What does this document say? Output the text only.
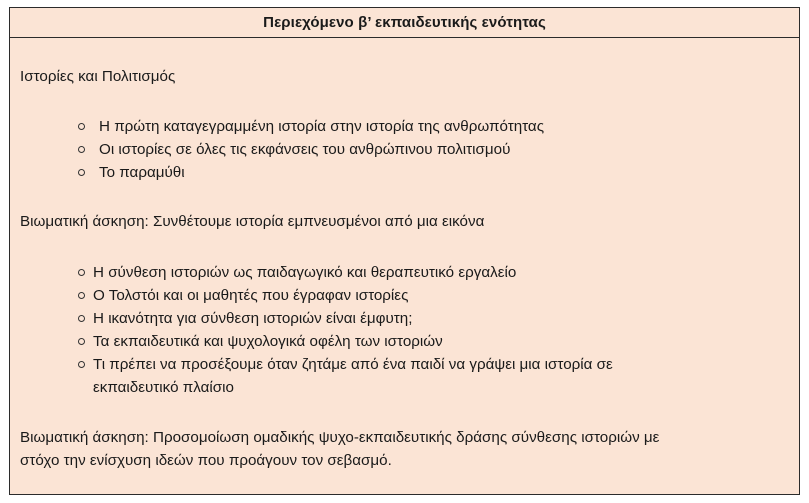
Περιεχόμενο β’ εκπαιδευτικής ενότητας

Ιστορίες και Πολιτισμός

Η πρώτη καταγεγραμμένη ιστορία στην ιστορία της ανθρωπότητας
Οι ιστορίες σε όλες τις εκφάνσεις του ανθρώπινου πολιτισμού
Το παραμύθι

Βιωματική άσκηση: Συνθέτουμε ιστορία εμπνευσμένοι από μια εικόνα

Η σύνθεση ιστοριών ως παιδαγωγικό και θεραπευτικό εργαλείο
Ο Τολστόι και οι μαθητές που έγραφαν ιστορίες
Η ικανότητα για σύνθεση ιστοριών είναι έμφυτη;
Τα εκπαιδευτικά και ψυχολογικά οφέλη των ιστοριών
Τι πρέπει να προσέξουμε όταν ζητάμε από ένα παιδί να γράψει μια ιστορία σε
εκπαιδευτικό πλαίσιο

Βιωματική άσκηση: Προσομοίωση ομαδικής ψυχο-εκπαιδευτικής δράσης σύνθεσης ιστοριών με
στόχο την ενίσχυση ιδεών που προάγουν τον σεβασμό.
